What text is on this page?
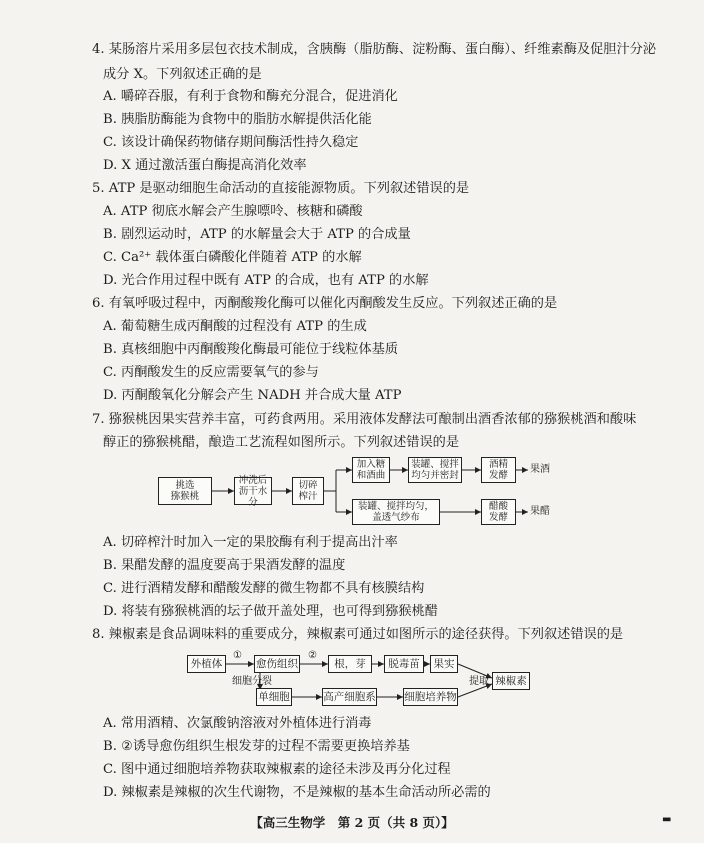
4. 某肠溶片采用多层包衣技术制成，含胰酶（脂肪酶、淀粉酶、蛋白酶）、纤维素酶及促胆汁分泌
成分 X。下列叙述正确的是
A. 嚼碎吞服，有利于食物和酶充分混合，促进消化
B. 胰脂肪酶能为食物中的脂肪水解提供活化能
C. 该设计确保药物储存期间酶活性持久稳定
D. X 通过激活蛋白酶提高消化效率
5. ATP 是驱动细胞生命活动的直接能源物质。下列叙述错误的是
A. ATP 彻底水解会产生腺嘌呤、核糖和磷酸
B. 剧烈运动时，ATP 的水解量会大于 ATP 的合成量
C. Ca²⁺ 载体蛋白磷酸化伴随着 ATP 的水解
D. 光合作用过程中既有 ATP 的合成，也有 ATP 的水解
6. 有氧呼吸过程中，丙酮酸羧化酶可以催化丙酮酸发生反应。下列叙述正确的是
A. 葡萄糖生成丙酮酸的过程没有 ATP 的生成
B. 真核细胞中丙酮酸羧化酶最可能位于线粒体基质
C. 丙酮酸发生的反应需要氧气的参与
D. 丙酮酸氧化分解会产生 NADH 并合成大量 ATP
7. 猕猴桃因果实营养丰富，可药食两用。采用液体发酵法可酿制出酒香浓郁的猕猴桃酒和酸味
醇正的猕猴桃醋，酿造工艺流程如图所示。下列叙述错误的是
挑选
猕猴桃
冲洗后
沥干水分
切碎
榨汁
加入糖
和酒曲
装罐、搅拌
均匀并密封
酒精
发酵
果酒
装罐、搅拌均匀，
盖透气纱布
醋酸
发酵
果醋
A. 切碎榨汁时加入一定的果胶酶有利于提高出汁率
B. 果醋发酵的温度要高于果酒发酵的温度
C. 进行酒精发酵和醋酸发酵的微生物都不具有核膜结构
D. 将装有猕猴桃酒的坛子做开盖处理，也可得到猕猴桃醋
8. 辣椒素是食品调味料的重要成分，辣椒素可通过如图所示的途径获得。下列叙述错误的是
外植体
①
愈伤组织
②
根，芽	脱毒苗	果实
提取 辣椒素
细胞分裂
单细胞	高产细胞系	细胞培养物
A. 常用酒精、次氯酸钠溶液对外植体进行消毒
B. ②诱导愈伤组织生根发芽的过程不需要更换培养基
C. 图中通过细胞培养物获取辣椒素的途径未涉及再分化过程
D. 辣椒素是辣椒的次生代谢物，不是辣椒的基本生命活动所必需的
【高三生物学　第 2 页（共 8 页）】	▬
